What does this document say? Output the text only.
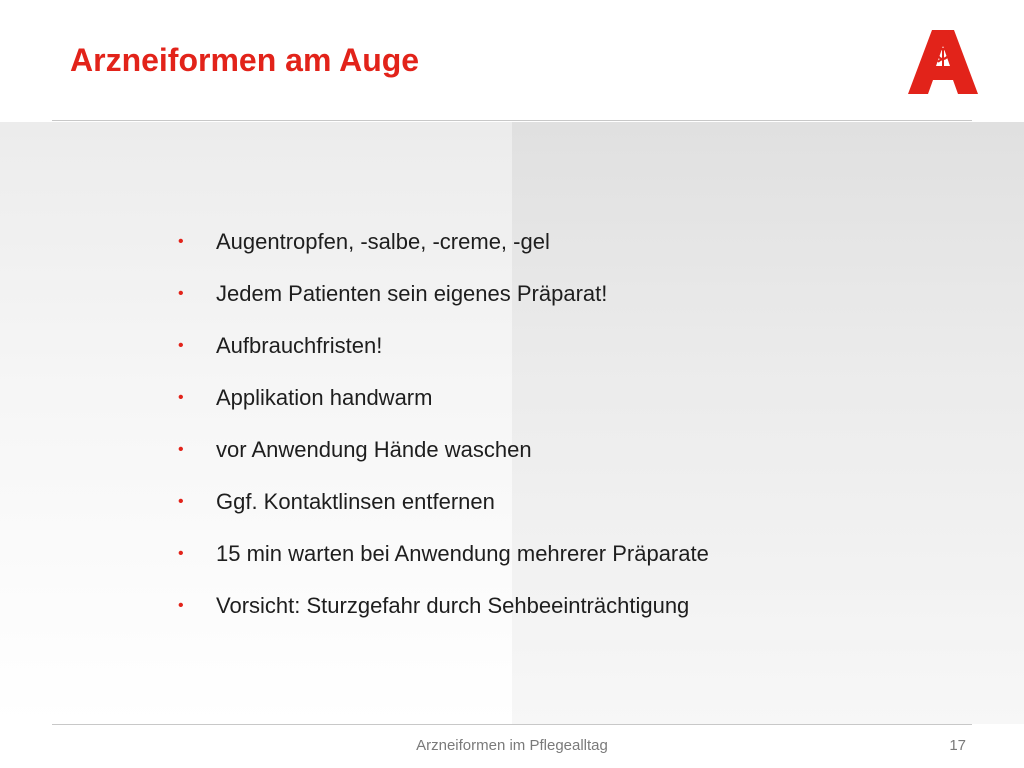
Arzneiformen am Auge
• Augentropfen, -salbe, -creme, -gel
• Jedem Patienten sein eigenes Präparat!
• Aufbrauchfristen!
• Applikation handwarm
• vor Anwendung Hände waschen
• Ggf. Kontaktlinsen entfernen
• 15 min warten bei Anwendung mehrerer Präparate
• Vorsicht: Sturzgefahr durch Sehbeeinträchtigung
Arzneiformen im Pflegealltag	17
